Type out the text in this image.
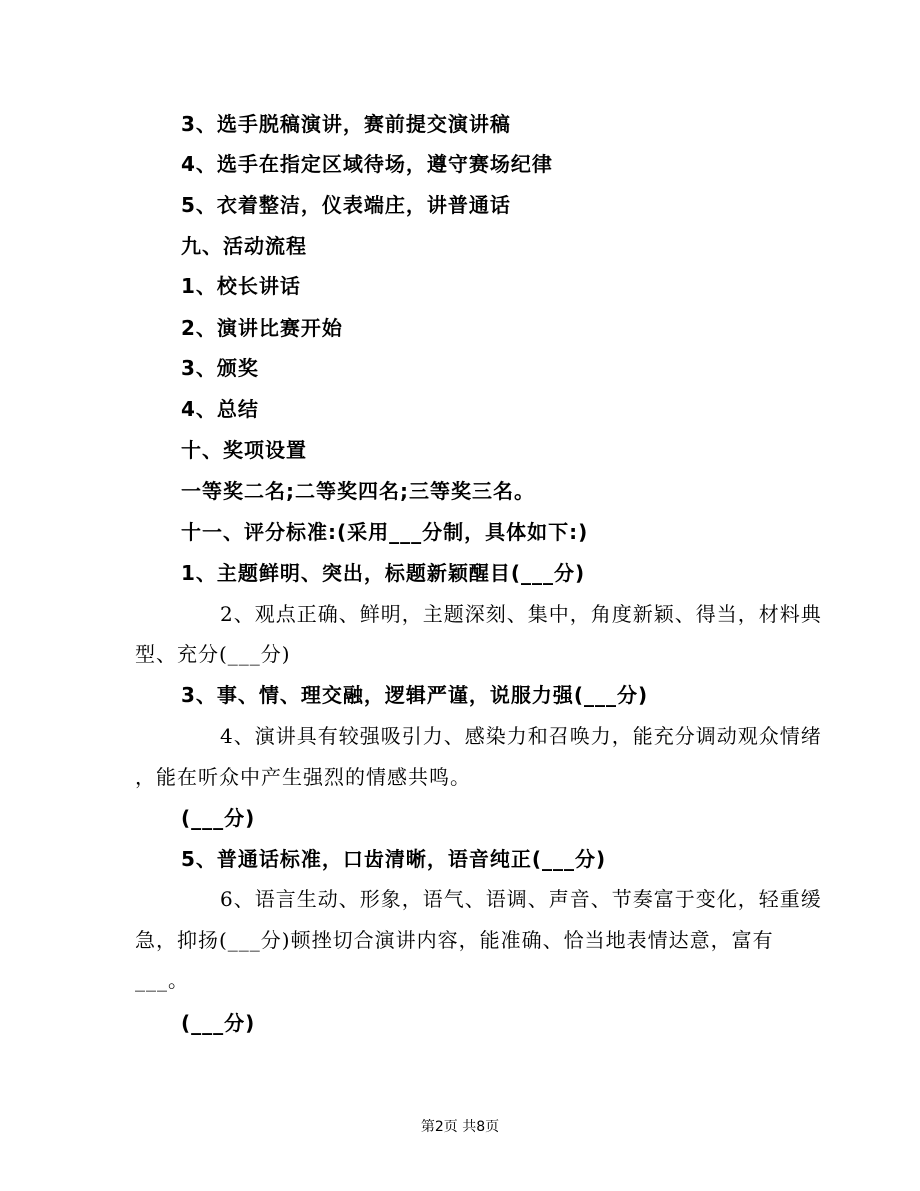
3、选手脱稿演讲，赛前提交演讲稿
4、选手在指定区域待场，遵守赛场纪律
5、衣着整洁，仪表端庄，讲普通话
九、活动流程
1、校长讲话
2、演讲比赛开始
3、颁奖
4、总结
十、奖项设置
一等奖二名;二等奖四名;三等奖三名。
十一、评分标准:(采用___分制，具体如下:)
1、主题鲜明、突出，标题新颖醒目(___分)
2、观点正确、鲜明，主题深刻、集中，角度新颖、得当，材料典
型、充分(___分)
3、事、情、理交融，逻辑严谨，说服力强(___分)
4、演讲具有较强吸引力、感染力和召唤力，能充分调动观众情绪
，能在听众中产生强烈的情感共鸣。
(___分)
5、普通话标准，口齿清晰，语音纯正(___分)
6、语言生动、形象，语气、语调、声音、节奏富于变化，轻重缓
急，抑扬(___分)顿挫切合演讲内容，能准确、恰当地表情达意，富有
___。
(___分)
第2页 共8页
